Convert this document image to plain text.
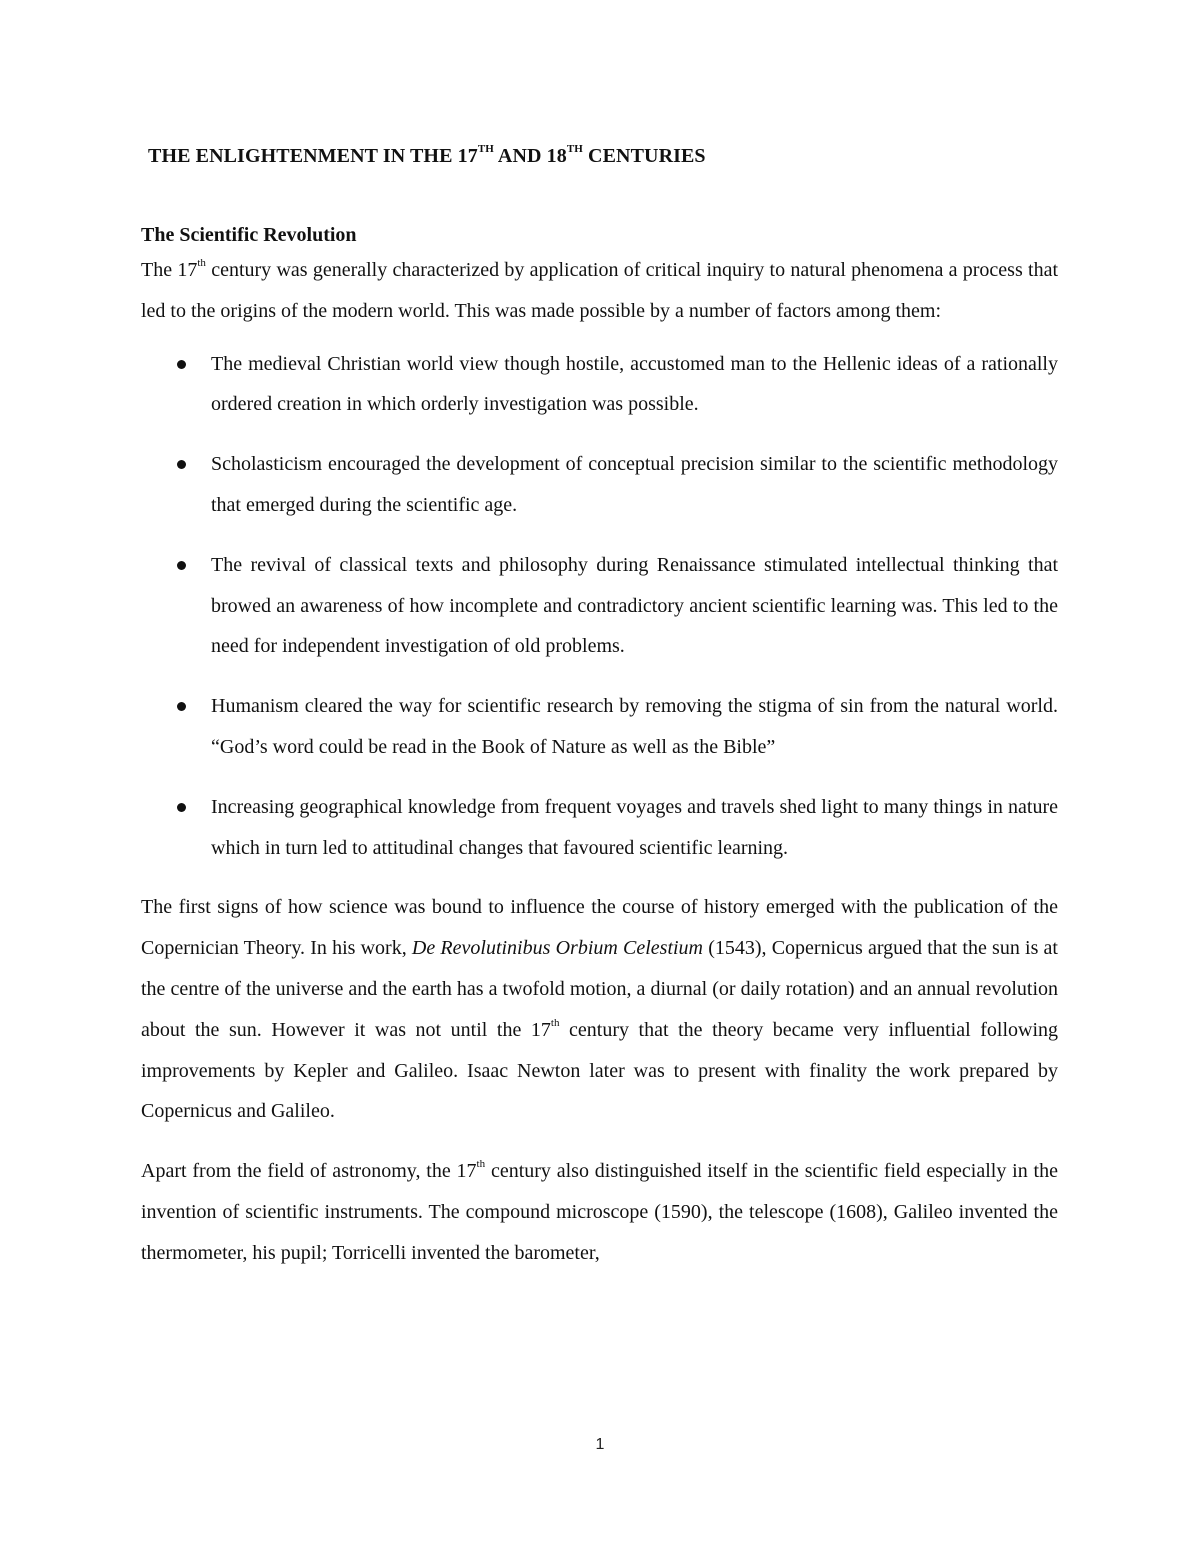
THE ENLIGHTENMENT IN THE 17TH AND 18TH CENTURIES
The Scientific Revolution

The 17th century was generally characterized by application of critical inquiry to natural phenomena a process that led to the origins of the modern world. This was made possible by a number of factors among them:

The medieval Christian world view though hostile, accustomed man to the Hellenic ideas of a rationally ordered creation in which orderly investigation was possible.
Scholasticism encouraged the development of conceptual precision similar to the scientific methodology that emerged during the scientific age.
The revival of classical texts and philosophy during Renaissance stimulated intellectual thinking that browed an awareness of how incomplete and contradictory ancient scientific learning was. This led to the need for independent investigation of old problems.
Humanism cleared the way for scientific research by removing the stigma of sin from the natural world. “God’s word could be read in the Book of Nature as well as the Bible”
Increasing geographical knowledge from frequent voyages and travels shed light to many things in nature which in turn led to attitudinal changes that favoured scientific learning.

The first signs of how science was bound to influence the course of history emerged with the publication of the Copernician Theory. In his work, De Revolutinibus Orbium Celestium (1543), Copernicus argued that the sun is at the centre of the universe and the earth has a twofold motion, a diurnal (or daily rotation) and an annual revolution about the sun. However it was not until the 17th century that the theory became very influential following improvements by Kepler and Galileo. Isaac Newton later was to present with finality the work prepared by Copernicus and Galileo.

Apart from the field of astronomy, the 17th century also distinguished itself in the scientific field especially in the invention of scientific instruments. The compound microscope (1590), the telescope (1608), Galileo invented the thermometer, his pupil; Torricelli invented the barometer,

1
